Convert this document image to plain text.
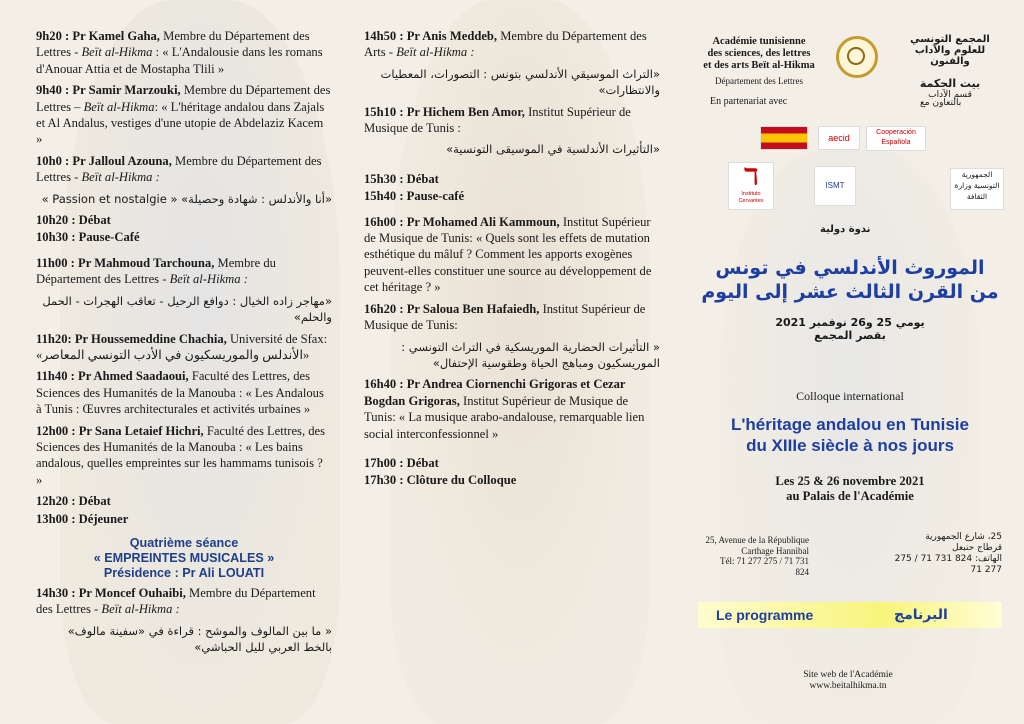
9h20 : Pr Kamel Gaha, Membre du Département des Lettres - Beït al-Hikma : « L'Andalousie dans les romans d'Anouar Attia et de Mostapha Tlili »

9h40 : Pr Samir Marzouki, Membre du Département des Lettres – Beït al-Hikma: « L'héritage andalou dans Zajals et Al Andalus, vestiges d'une utopie de Abdelaziz Kacem »

10h0 : Pr Jalloul Azouna, Membre du Département des Lettres - Beït al-Hikma :

«أنا والأندلس : شهادة وحصيلة» « Passion et nostalgie »

10h20 : Débat

10h30 : Pause-Café

11h00 : Pr Mahmoud Tarchouna, Membre du Département des Lettres - Beït al-Hikma :

«مهاجر زاده الخيال : دوافع الرحيل - تعاقب الهجرات - الحمل والحلم»

11h20: Pr Houssemeddine Chachia, Université de Sfax: «الأندلس والموريسكيون في الأدب التونسي المعاصر»

11h40 : Pr Ahmed Saadaoui, Faculté des Lettres, des Sciences des Humanités de la Manouba : « Les Andalous à Tunis : Œuvres architecturales et activités urbaines »

12h00 : Pr Sana Letaief Hichri, Faculté des Lettres, des Sciences des Humanités de la Manouba : « Les bains andalous, quelles empreintes sur les hammams tunisois ? »

12h20 : Débat

13h00 : Déjeuner

Quatrième séance
« EMPREINTES MUSICALES »
Présidence : Pr Ali LOUATI

14h30 : Pr Moncef Ouhaibi, Membre du Département des Lettres - Beït al-Hikma :

« ما بين المالوف والموشح : قراءة في «سفينة مالوف» بالخط العربي لليل الحباشي»

14h50 : Pr Anis Meddeb, Membre du Département des Arts - Beït al-Hikma :

«التراث الموسيقي الأندلسي بتونس : التصورات، المعطيات والانتظارات»

15h10 : Pr Hichem Ben Amor, Institut Supérieur de Musique de Tunis :

«التأثيرات الأندلسية في الموسيقى التونسية»

15h30 : Débat

15h40 : Pause-café

16h00 : Pr Mohamed Ali Kammoun, Institut Supérieur de Musique de Tunis: « Quels sont les effets de mutation esthétique du mâluf ? Comment les apports exogènes peuvent-elles constituer une source au développement de cet héritage ? »

16h20 : Pr Saloua Ben Hafaiedh, Institut Supérieur de Musique de Tunis:

« التأثيرات الحضارية الموريسكية في التراث التونسي : الموريسكيون ومباهج الحياة وطقوسية الإحتفال»

16h40 : Pr Andrea Ciornenchi Grigoras et Cezar Bogdan Grigoras, Institut Supérieur de Musique de Tunis: « La musique arabo-andalouse, remarquable lien social interconfessionnel »

17h00 : Débat

17h30 : Clôture du Colloque

Académie tunisienne
des sciences, des lettres
et des arts Beït al-Hikma
Département des Lettres
المجمع التونسي للعلوم والآداب والفنون
بيت الحكمة
قسم الآداب
En partenariat avec	بالتعاون مع
aecid
Cooperación Española
ℸ
Instituto Cervantes
ISMT
الجمهورية التونسية وزارة الثقافة
ندوة دولية
الموروث الأندلسي في تونس
من القرن الثالث عشر إلى اليوم
يومي 25 و26 نوفمبر 2021
بقصر المجمع
Colloque international
L'héritage andalou en Tunisie
du XIIIe siècle à nos jours
Les 25 & 26 novembre 2021
au Palais de l'Académie
25, Avenue de la République
Carthage Hannibal
Tél: 71 277 275 / 71 731 824
25، شارع الجمهورية
قرطاج حنبعل
الهاتف: 824 731 71 / 275 277 71
Le programme	البرنامج
Site web de l'Académie
www.beitalhikma.tn
